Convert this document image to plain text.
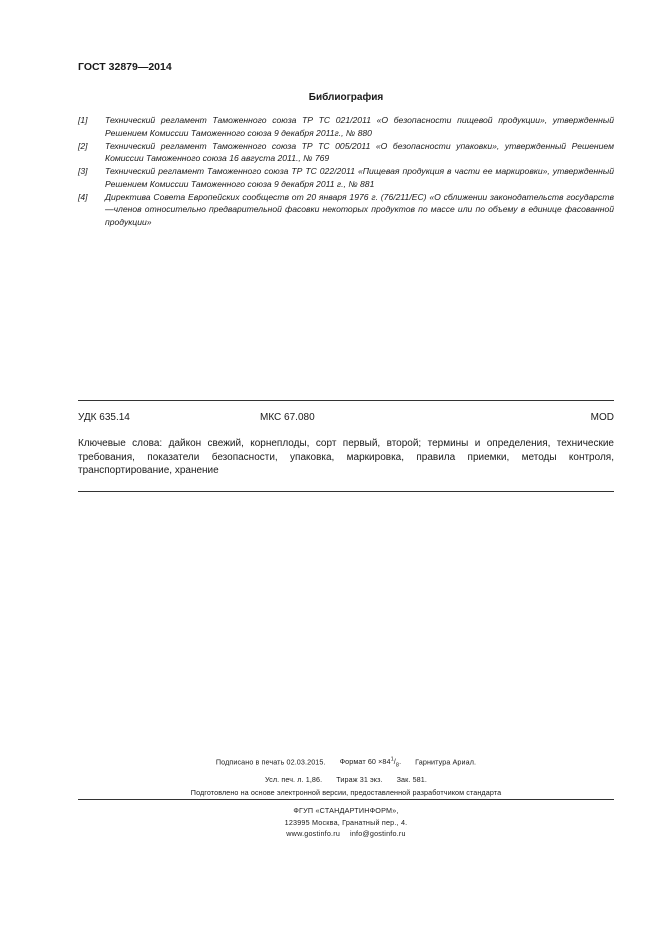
ГОСТ 32879—2014
Библиография
[1]	Технический регламент Таможенного союза ТР ТС 021/2011 «О безопасности пищевой продукции», утвержденный Решением Комиссии Таможенного союза 9 декабря 2011г., № 880
[2]	Технический регламент Таможенного союза ТР ТС 005/2011 «О безопасности упаковки», утвержденный Решением Комиссии Таможенного союза 16 августа 2011., № 769
[3]	Технический регламент Таможенного союза ТР ТС 022/2011 «Пищевая продукция в части ее маркировки», утвержденный Решением Комиссии Таможенного союза 9 декабря 2011 г., № 881
[4]	Директива Совета Европейских сообществ от 20 января 1976 г. (76/211/ЕС) «О сближении законодательств государств—членов относительно предварительной фасовки некоторых продуктов по массе или по объему в единице фасованной продукции»
УДК 635.14	МКС 67.080	MOD
Ключевые слова: дайкон свежий, корнеплоды, сорт первый, второй; термины и определения, технические требования, показатели безопасности, упаковка, маркировка, правила приемки, методы контроля, транспортирование, хранение
Подписано в печать 02.03.2015. Формат $60 \times 84^1/_8$. Гарнитура Ариал.
Усл. печ. л. 1,86. Тираж 31 экз. Зак. 581.
Подготовлено на основе электронной версии, предоставленной разработчиком стандарта
ФГУП «СТАНДАРТИНФОРМ»,
123995 Москва, Гранатный пер., 4.
www.gostinfo.ru info@gostinfo.ru
